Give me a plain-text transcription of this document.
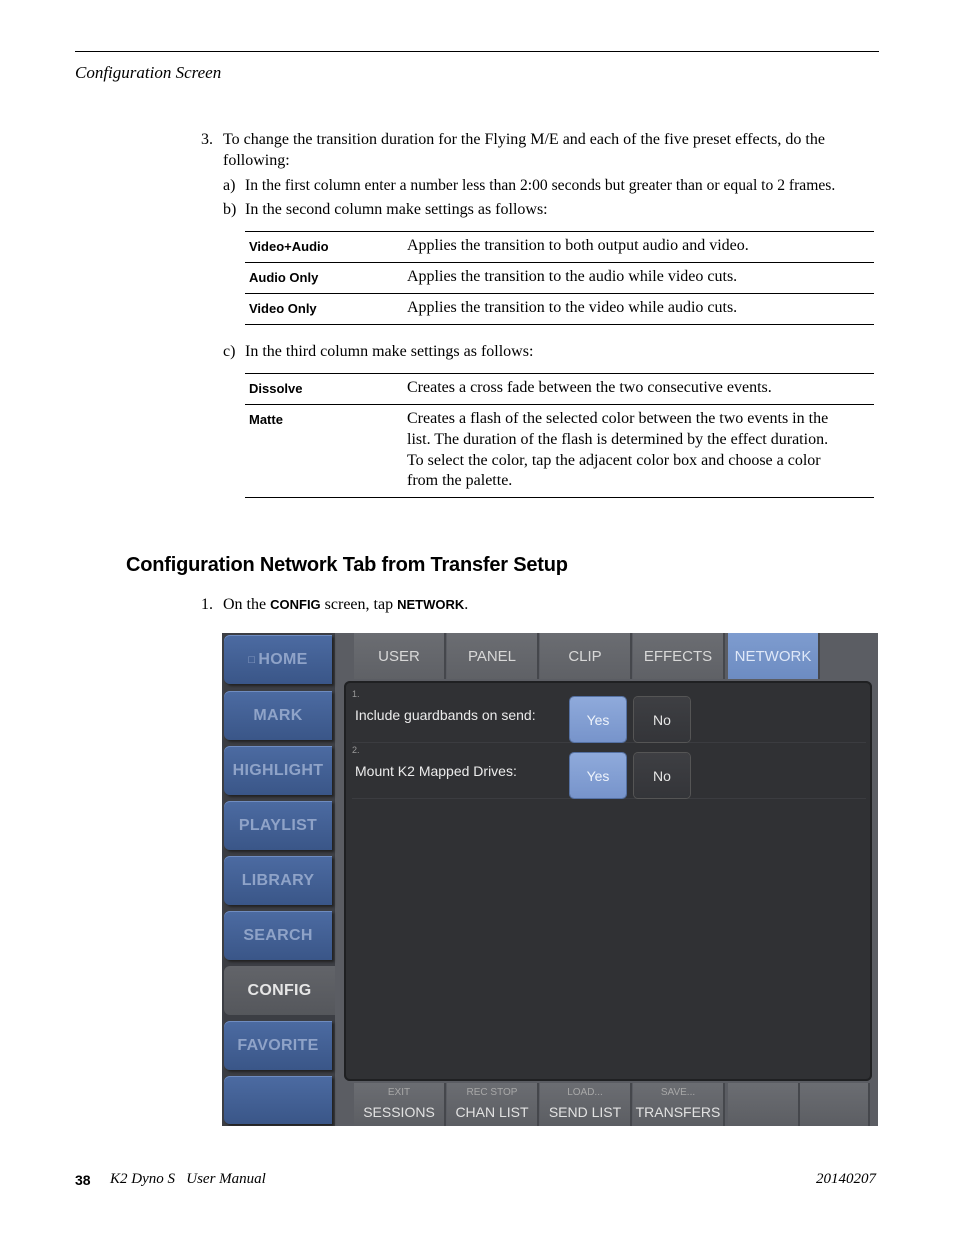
Configuration Screen
3. To change the transition duration for the Flying M/E and each of the five preset effects, do the
following:
a) In the first column enter a number less than 2:00 seconds but greater than or equal to 2 frames.
b) In the second column make settings as follows:
Video+Audio	Applies the transition to both output audio and video.
Audio Only	Applies the transition to the audio while video cuts.
Video Only	Applies the transition to the video while audio cuts.
c) In the third column make settings as follows:
Dissolve	Creates a cross fade between the two consecutive events.
Matte	Creates a flash of the selected color between the two events in the
list. The duration of the flash is determined by the effect duration.
To select the color, tap the adjacent color box and choose a color
from the palette.
Configuration Network Tab from Transfer Setup
1. On the CONFIG screen, tap NETWORK.
□ HOME
MARK
HIGHLIGHT
PLAYLIST
LIBRARY
SEARCH
CONFIG
FAVORITE
USER	PANEL	CLIP	EFFECTS	NETWORK
1.
Include guardbands on send:	Yes	No
2.
Mount K2 Mapped Drives:	Yes	No
EXIT
SESSIONS
REC STOP
CHAN LIST
LOAD...
SEND LIST
SAVE...
TRANSFERS
38 K2 Dyno S   User Manual	20140207
